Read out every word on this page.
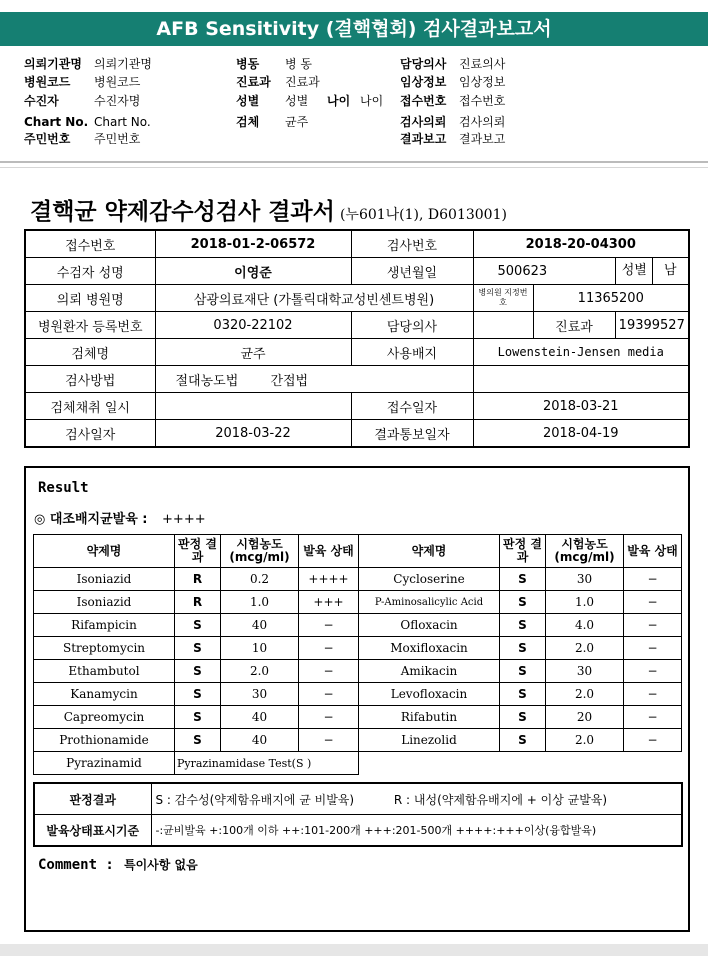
AFB Sensitivity (결핵협회) 검사결과보고서
의뢰기관명 의뢰기관명	병동 병 동	담당의사 진료의사
병원코드 병원코드	진료과 진료과	임상정보 임상정보
수진자	수진자명	성별 성별 나이 나이 접수번호 접수번호
Chart No. Chart No.	검체 균주	검사의뢰 검사의뢰
주민번호 주민번호	결과보고 결과보고
결핵균 약제감수성검사 결과서 (누601나(1), D6013001)
접수번호	2018-01-2-06572	검사번호	2018-20-04300		
수검자 성명	이영준	생년월일	500623		성별 남
의뢰 병원명	삼광의료재단 (가톨릭대학교성빈센트병원)		병의원 지정번호	11365200	
병원환자 등록번호	0320-22102	담당의사		진료과	19399527
검체명	균주	사용배지	Lowenstein-Jensen media		
검사방법	절대농도법 간접법				
검체채취 일시		접수일자	2018-03-21		
검사일자	2018-03-22	결과통보일자	2018-04-19		
Result
◎ 대조배지균발육 : ++++
약제명	판정 결과	시험농도 (mcg/ml)	발육 상태	약제명	판정 결과	시험농도 (mcg/ml)	발육 상태
Isoniazid	R	0.2	++++	Cycloserine	S	30	−
Isoniazid	R	1.0	+++	P-Aminosalicylic Acid	S	1.0	−
Rifampicin	S	40	−	Ofloxacin	S	4.0	−
Streptomycin	S	10	−	Moxifloxacin	S	2.0	−
Ethambutol	S	2.0	−	Amikacin	S	30	−
Kanamycin	S	30	−	Levofloxacin	S	2.0	−
Capreomycin	S	40	−	Rifabutin	S	20	−
Prothionamide	S	40	−	Linezolid	S	2.0	−
Pyrazinamid	Pyrazinamidase Test(S )						
판정결과	S : 감수성(약제함유배지에 균 비발육) R : 내성(약제함유배지에 + 이상 균발육)
발육상태표시기준	-:균비발육 +:100개 이하 ++:101-200개 +++:201-500개 ++++:+++이상(융합발육)
Comment : 특이사항 없음
